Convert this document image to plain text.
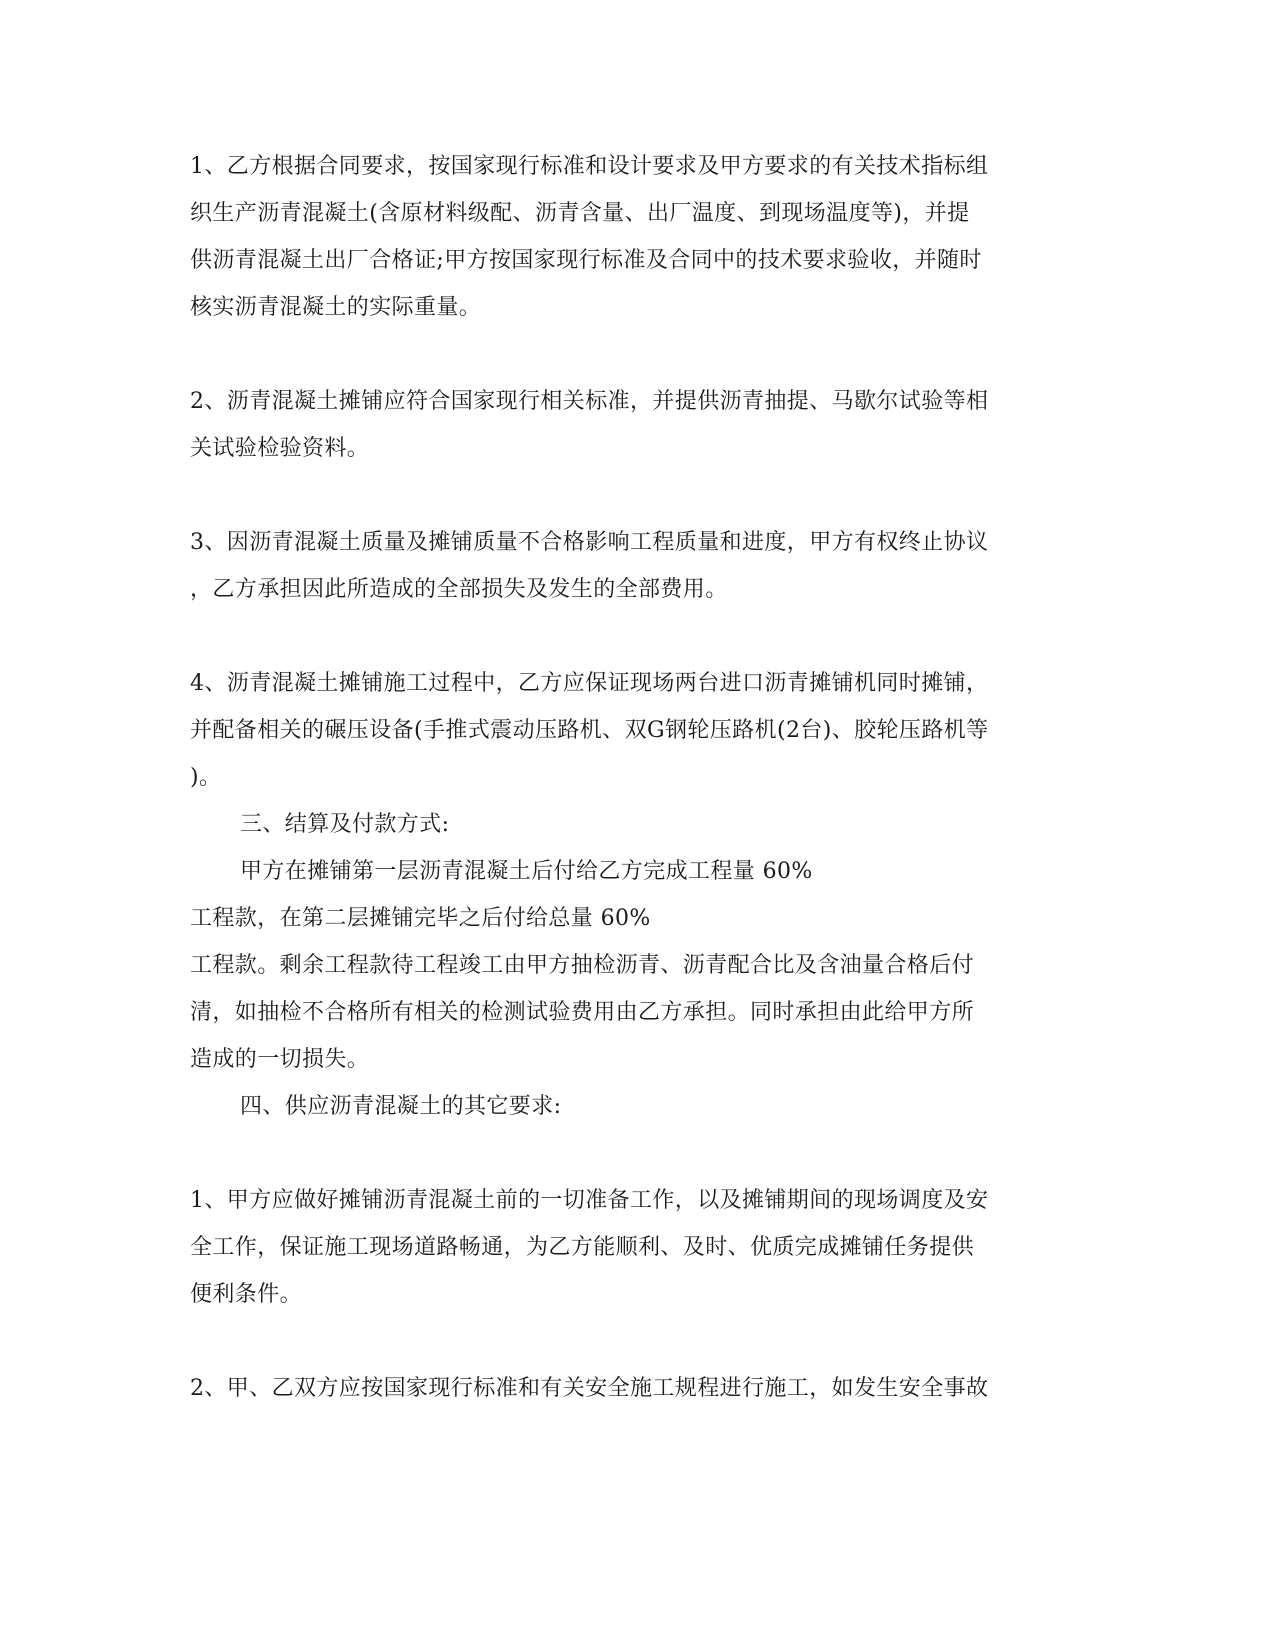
1、乙方根据合同要求，按国家现行标准和设计要求及甲方要求的有关技术指标组

织生产沥青混凝土(含原材料级配、沥青含量、出厂温度、到现场温度等)，并提

供沥青混凝土出厂合格证;甲方按国家现行标准及合同中的技术要求验收，并随时

核实沥青混凝土的实际重量。

2、沥青混凝土摊铺应符合国家现行相关标准，并提供沥青抽提、马歇尔试验等相

关试验检验资料。

3、因沥青混凝土质量及摊铺质量不合格影响工程质量和进度，甲方有权终止协议

，乙方承担因此所造成的全部损失及发生的全部费用。

4、沥青混凝土摊铺施工过程中，乙方应保证现场两台进口沥青摊铺机同时摊铺，

并配备相关的碾压设备(手推式震动压路机、双G钢轮压路机(2台)、胶轮压路机等

)。

三、结算及付款方式:

甲方在摊铺第一层沥青混凝土后付给乙方完成工程量 60%

工程款，在第二层摊铺完毕之后付给总量 60%

工程款。剩余工程款待工程竣工由甲方抽检沥青、沥青配合比及含油量合格后付

清，如抽检不合格所有相关的检测试验费用由乙方承担。同时承担由此给甲方所

造成的一切损失。

四、供应沥青混凝土的其它要求:

1、甲方应做好摊铺沥青混凝土前的一切准备工作，以及摊铺期间的现场调度及安

全工作，保证施工现场道路畅通，为乙方能顺利、及时、优质完成摊铺任务提供

便利条件。

2、甲、乙双方应按国家现行标准和有关安全施工规程进行施工，如发生安全事故
